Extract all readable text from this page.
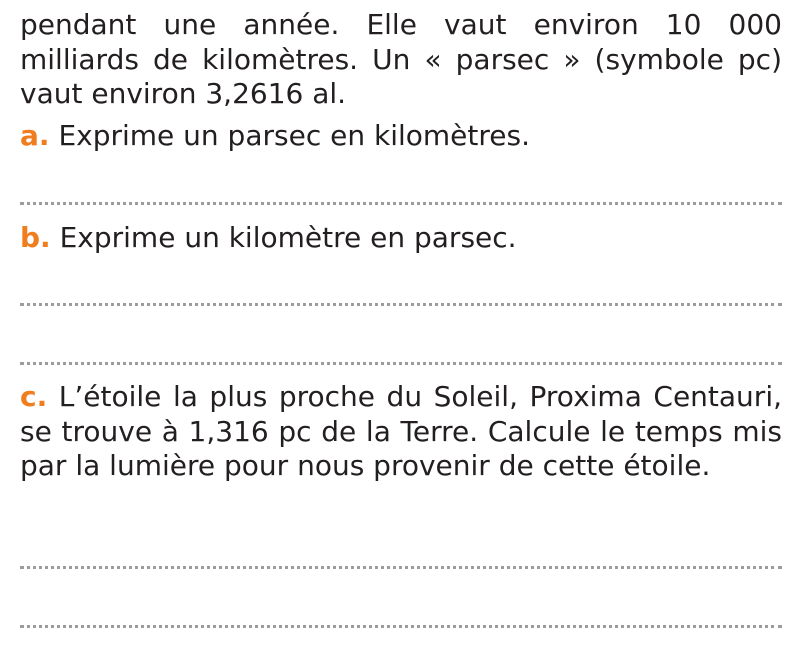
pendant une année. Elle vaut environ 10 000 milliards de kilomètres. Un « parsec » (symbole pc) vaut environ 3,2616 al.

a. Exprime un parsec en kilomètres.

b. Exprime un kilomètre en parsec.

c. L’étoile la plus proche du Soleil, Proxima Centauri, se trouve à 1,316 pc de la Terre. Calcule le temps mis par la lumière pour nous provenir de cette étoile.
